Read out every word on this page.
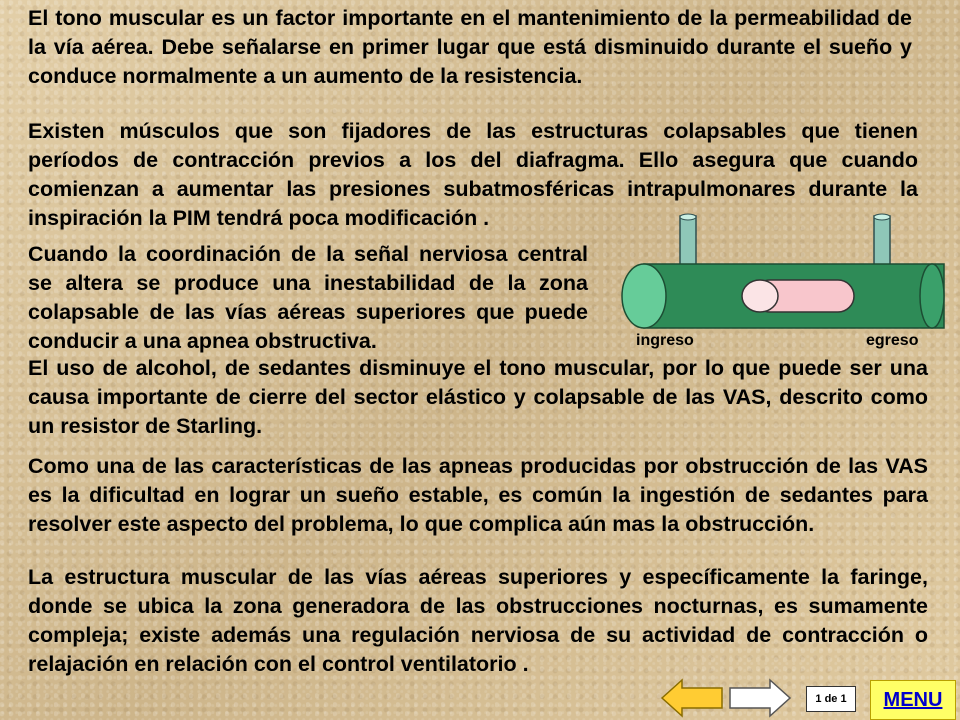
El tono muscular es un factor importante en el mantenimiento de la permeabilidad de la vía aérea. Debe señalarse en primer lugar que está disminuido durante el sueño y conduce normalmente a un aumento de la resistencia.

Existen músculos que son fijadores de las estructuras colapsables que tienen períodos de contracción previos a los del diafragma. Ello asegura que cuando comienzan a aumentar las presiones subatmosféricas intrapulmonares durante la inspiración la PIM tendrá poca modificación .

Cuando la coordinación de la señal nerviosa central se altera se produce una inestabilidad de la zona colapsable de las vías aéreas superiores que puede conducir a una apnea obstructiva.	ingreso	egreso

El uso de alcohol, de sedantes disminuye el tono muscular, por lo que puede ser una causa importante de cierre del sector elástico y colapsable de las VAS, descrito como un resistor de Starling.

Como una de las características de las apneas producidas por obstrucción de las VAS es la dificultad en lograr un sueño estable, es común la ingestión de sedantes para resolver este aspecto del problema, lo que complica aún mas la obstrucción.

La estructura muscular de las vías aéreas superiores y específicamente la faringe, donde se ubica la zona generadora de las obstrucciones nocturnas, es sumamente compleja; existe además una regulación nerviosa de su actividad de contracción o relajación en relación con el control ventilatorio .

1 de 1	MENU
